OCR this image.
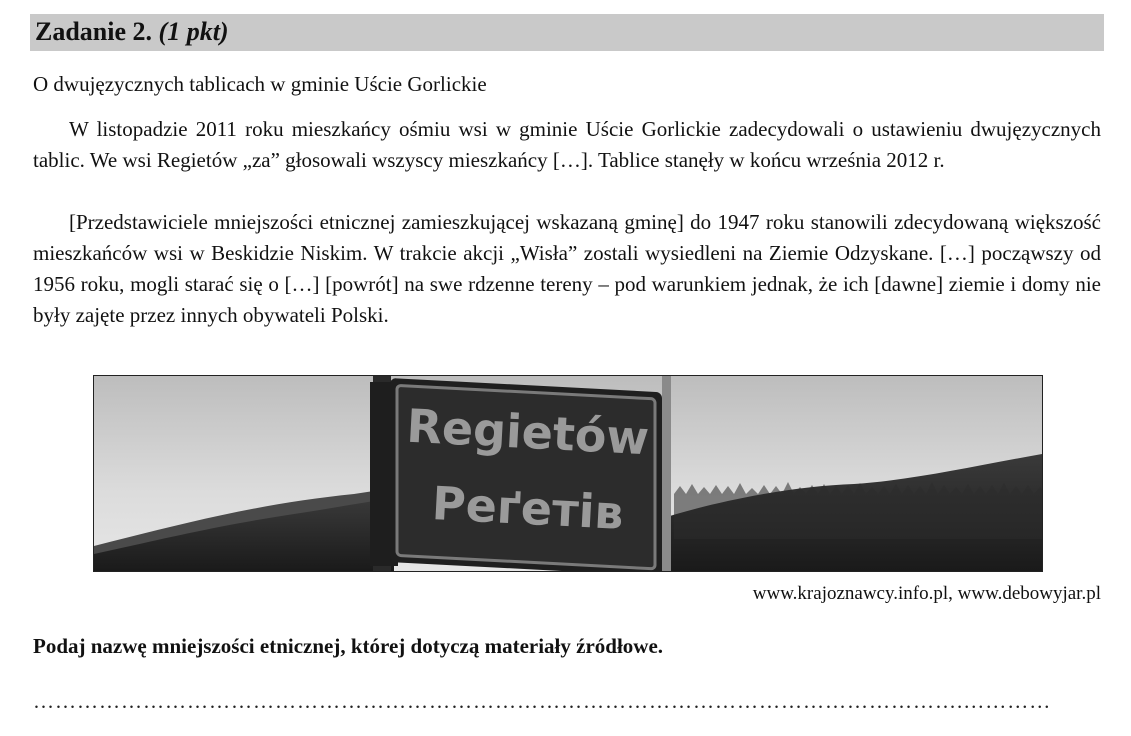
Zadanie 2. (1 pkt)
O dwujęzycznych tablicach w gminie Uście Gorlickie

W listopadzie 2011 roku mieszkańcy ośmiu wsi w gminie Uście Gorlickie zadecydowali o ustawieniu dwujęzycznych tablic. We wsi Regietów „za” głosowali wszyscy mieszkańcy […]. Tablice stanęły w końcu września 2012 r.

[Przedstawiciele mniejszości etnicznej zamieszkującej wskazaną gminę] do 1947 roku stanowili zdecydowaną większość mieszkańców wsi w Beskidzie Niskim. W trakcie akcji „Wisła” zostali wysiedleni na Ziemie Odzyskane. […] począwszy od 1956 roku, mogli starać się o […] [powrót] na swe rdzenne tereny – pod warunkiem jednak, że ich [dawne] ziemie i domy nie były zajęte przez innych obywateli Polski.

Regietów
Реґетів
www.krajoznawcy.info.pl, www.debowyjar.pl
Podaj nazwę mniejszości etnicznej, której dotyczą materiały źródłowe.
……………………………………………………………………………………………………………….…………
